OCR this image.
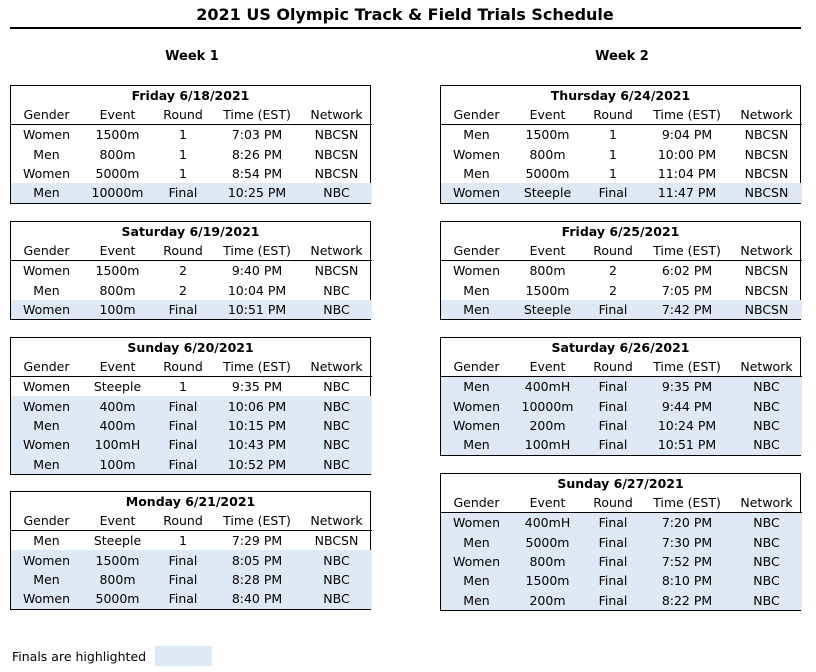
2021 US Olympic Track & Field Trials Schedule
Week 1	Week 2
Friday 6/18/2021
Gender	Event	Round	Time (EST)	Network
Women	1500m	1	7:03 PM	NBCSN
Men	800m	1	8:26 PM	NBCSN
Women	5000m	1	8:54 PM	NBCSN
Men	10000m	Final	10:25 PM	NBC
Saturday 6/19/2021
Gender	Event	Round	Time (EST)	Network
Women	1500m	2	9:40 PM	NBCSN
Men	800m	2	10:04 PM	NBC
Women	100m	Final	10:51 PM	NBC
Sunday 6/20/2021
Gender	Event	Round	Time (EST)	Network
Women	Steeple	1	9:35 PM	NBC
Women	400m	Final	10:06 PM	NBC
Men	400m	Final	10:15 PM	NBC
Women	100mH	Final	10:43 PM	NBC
Men	100m	Final	10:52 PM	NBC
Monday 6/21/2021
Gender	Event	Round	Time (EST)	Network
Men	Steeple	1	7:29 PM	NBCSN
Women	1500m	Final	8:05 PM	NBC
Men	800m	Final	8:28 PM	NBC
Women	5000m	Final	8:40 PM	NBC
Thursday 6/24/2021
Gender	Event	Round	Time (EST)	Network
Men	1500m	1	9:04 PM	NBCSN
Women	800m	1	10:00 PM	NBCSN
Men	5000m	1	11:04 PM	NBCSN
Women	Steeple	Final	11:47 PM	NBCSN
Friday 6/25/2021
Gender	Event	Round	Time (EST)	Network
Women	800m	2	6:02 PM	NBCSN
Men	1500m	2	7:05 PM	NBCSN
Men	Steeple	Final	7:42 PM	NBCSN
Saturday 6/26/2021
Gender	Event	Round	Time (EST)	Network
Men	400mH	Final	9:35 PM	NBC
Women	10000m	Final	9:44 PM	NBC
Women	200m	Final	10:24 PM	NBC
Men	100mH	Final	10:51 PM	NBC
Sunday 6/27/2021
Gender	Event	Round	Time (EST)	Network
Women	400mH	Final	7:20 PM	NBC
Men	5000m	Final	7:30 PM	NBC
Women	800m	Final	7:52 PM	NBC
Men	1500m	Final	8:10 PM	NBC
Men	200m	Final	8:22 PM	NBC
Finals are highlighted
